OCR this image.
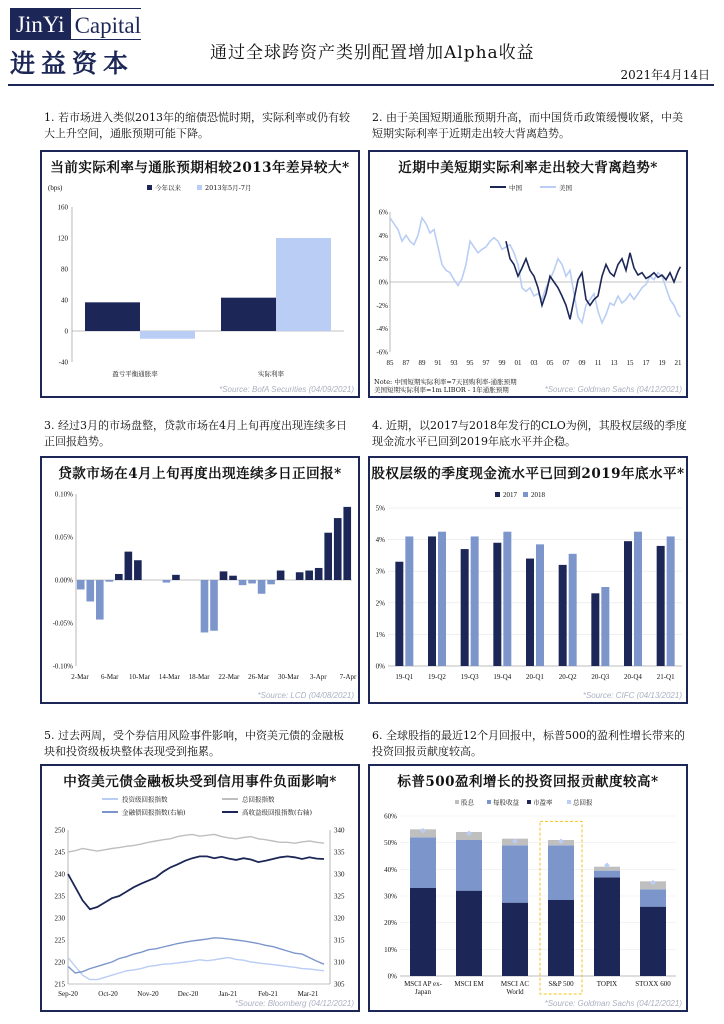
JinYi Capital
进益资本	通过全球跨资产类别配置增加Alpha收益
2021年4月14日
1. 若市场进入类似2013年的缩债恐慌时期，实际利率或仍有较大上升空间，通胀预期可能下降。
2. 由于美国短期通胀预期升高，而中国货币政策缓慢收紧，中美短期实际利率于近期走出较大背离趋势。
3. 经过3月的市场盘整，贷款市场在4月上旬再度出现连续多日正回报趋势。
4. 近期，以2017与2018年发行的CLO为例，其股权层级的季度现金流水平已回到2019年底水平并企稳。
5. 过去两周，受个券信用风险事件影响，中资美元债的金融板块和投资级板块整体表现受到拖累。
6. 全球股指的最近12个月回报中，标普500的盈利性增长带来的投资回报贡献度较高。
当前实际利率与通胀预期相较2013年差异较大*
(bps)
160
120
80
40
0
-40
盈亏平衡通胀率	实际利率
今年以来	2013年5月-7月
*Source: BofA Securities (04/09/2021)
近期中美短期实际利率走出较大背离趋势*
6%
4%
2%
0%
-2%
-4%
-6%
85 87 89 91 93 95 97 99 01 03 05 07 09 11 13 15 17 19 21
中国	美国
Note: 中国短期实际利率=7天回购利率-通胀预期
美国短期实际利率=1m LIBOR - 1年通胀预期	*Source: Goldman Sachs (04/12/2021)
贷款市场在4月上旬再度出现连续多日正回报*
0.10%
0.05%
0.00%
-0.05%
-0.10%
2-Mar 6-Mar 10-Mar 14-Mar 18-Mar 22-Mar 26-Mar 30-Mar 3-Apr 7-Apr
*Source: LCD (04/08/2021)
股权层级的季度现金流水平已回到2019年底水平*
5%
4%
3%
2%
1%
0%
19-Q1 19-Q2 19-Q3 19-Q4 20-Q1 20-Q2 20-Q3 20-Q4 21-Q1
2017 2018
*Source: CIFC (04/13/2021)
中资美元债金融板块受到信用事件负面影响*
250
245
240
235
230
225
220
215
340
335
330
325
320
315
310
305
Sep-20	Oct-20	Nov-20	Dec-20	Jan-21	Feb-21	Mar-21
投资级回报指数	总回报指数
金融债回报指数(右轴)	高收益级回报指数(右轴)
*Source: Bloomberg (04/12/2021)
标普500盈利增长的投资回报贡献度较高*
60%
50%
40%
30%
20%
10%
0%
MSCI AP ex-
Japan
MSCI EM MSCI AC
World
S&P 500	TOPIX	STOXX 600
股息	每股收益 市盈率	总回报
*Source: Goldman Sachs (04/12/2021)
